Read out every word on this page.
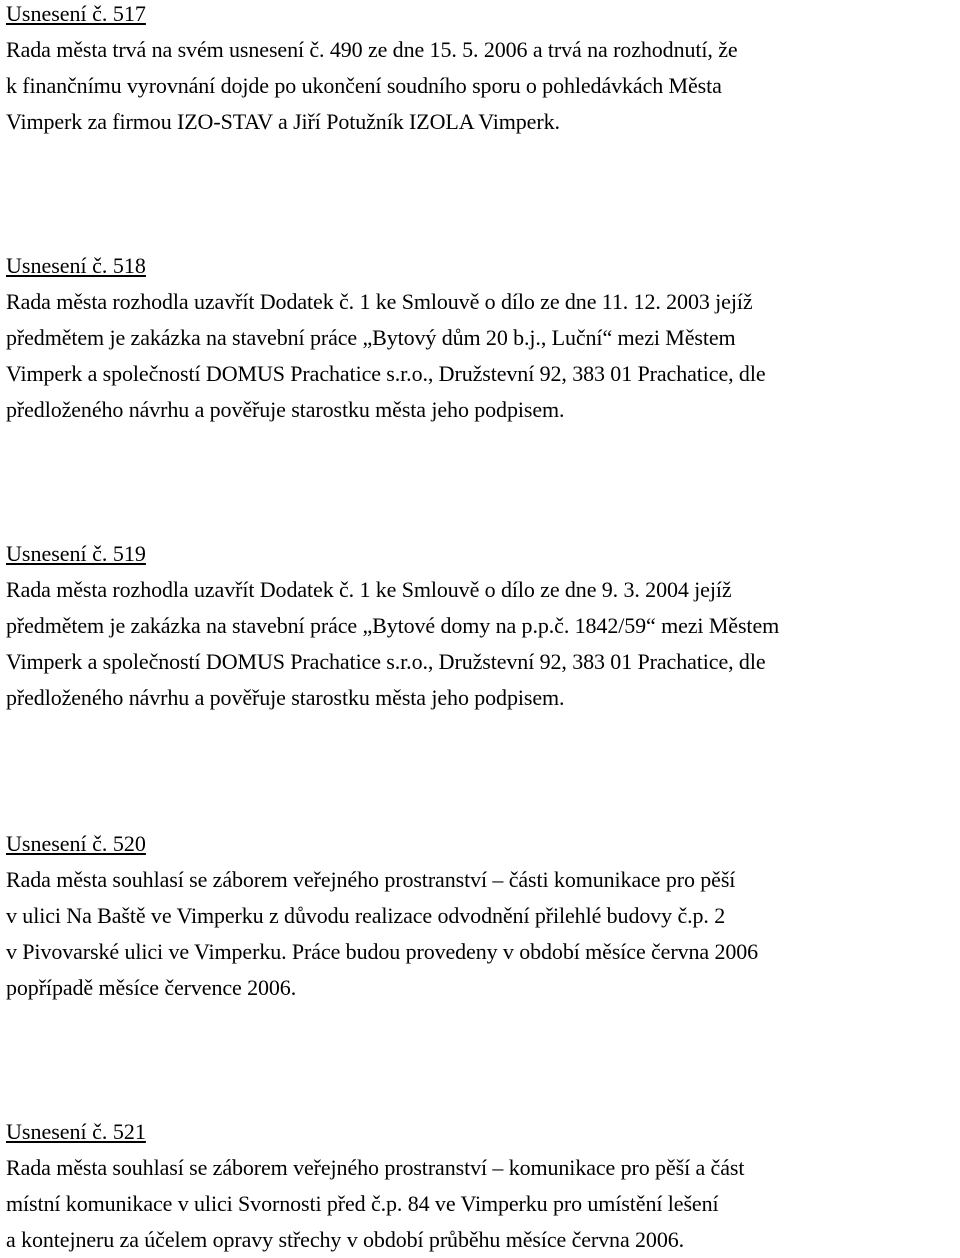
Usnesení č. 517

Rada města trvá na svém usnesení č. 490 ze dne 15. 5. 2006 a trvá na rozhodnutí, že

k finančnímu vyrovnání dojde po ukončení soudního sporu o pohledávkách Města

Vimperk za firmou IZO-STAV a Jiří Potužník IZOLA Vimperk.

Usnesení č. 518

Rada města rozhodla uzavřít Dodatek č. 1 ke Smlouvě o dílo ze dne 11. 12. 2003 jejíž

předmětem je zakázka na stavební práce „Bytový dům 20 b.j., Luční“ mezi Městem

Vimperk a společností DOMUS Prachatice s.r.o., Družstevní 92, 383 01 Prachatice, dle

předloženého návrhu a pověřuje starostku města jeho podpisem.

Usnesení č. 519

Rada města rozhodla uzavřít Dodatek č. 1 ke Smlouvě o dílo ze dne 9. 3. 2004 jejíž

předmětem je zakázka na stavební práce „Bytové domy na p.p.č. 1842/59“ mezi Městem

Vimperk a společností DOMUS Prachatice s.r.o., Družstevní 92, 383 01 Prachatice, dle

předloženého návrhu a pověřuje starostku města jeho podpisem.

Usnesení č. 520

Rada města souhlasí se záborem veřejného prostranství – části komunikace pro pěší

v ulici Na Baště ve Vimperku z důvodu realizace odvodnění přilehlé budovy č.p. 2

v Pivovarské ulici ve Vimperku. Práce budou provedeny v období měsíce června 2006

popřípadě měsíce července 2006.

Usnesení č. 521

Rada města souhlasí se záborem veřejného prostranství – komunikace pro pěší a část

místní komunikace v ulici Svornosti před č.p. 84 ve Vimperku pro umístění lešení

a kontejneru za účelem opravy střechy v období průběhu měsíce června 2006.
